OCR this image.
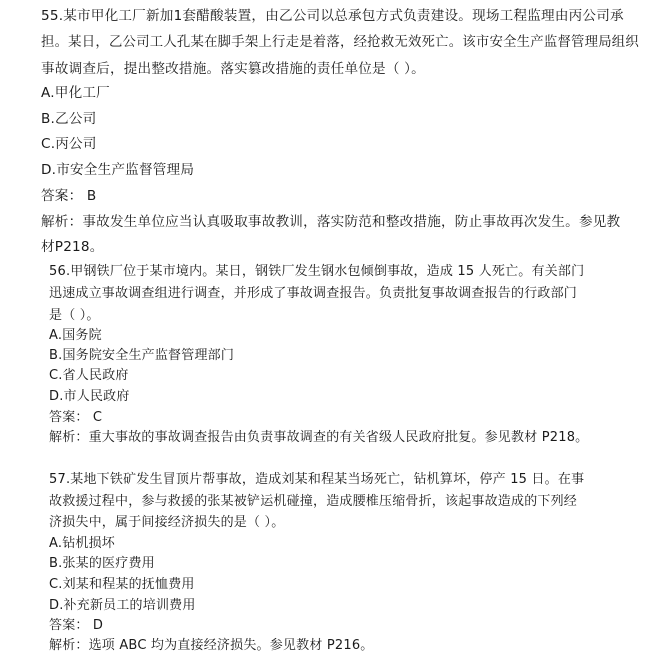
55.某市甲化工厂新加1套醋酸装置，由乙公司以总承包方式负责建设。现场工程监理由丙公司承
担。某日，乙公司工人孔某在脚手架上行走是着落，经抢救无效死亡。该市安全生产监督管理局组织
事故调查后，提出整改措施。落实篡改措施的责任单位是（ ）。
A.甲化工厂
B.乙公司
C.丙公司
D.市安全生产监督管理局
答案： B
解析：事故发生单位应当认真吸取事故教训，落实防范和整改措施，防止事故再次发生。参见教
材P218。
56.甲钢铁厂位于某市境内。某日，钢铁厂发生钢水包倾倒事故，造成 15 人死亡。有关部门
迅速成立事故调查组进行调查，并形成了事故调查报告。负责批复事故调查报告的行政部门
是（ ）。
A.国务院
B.国务院安全生产监督管理部门
C.省人民政府
D.市人民政府
答案： C
解析：重大事故的事故调查报告由负责事故调查的有关省级人民政府批复。参见教材 P218。
57.某地下铁矿发生冒顶片帮事故，造成刘某和程某当场死亡，钻机算坏，停产 15 日。在事
故救援过程中，参与救援的张某被铲运机碰撞，造成腰椎压缩骨折，该起事故造成的下列经
济损失中，属于间接经济损失的是（ ）。
A.钻机损坏
B.张某的医疗费用
C.刘某和程某的抚恤费用
D.补充新员工的培训费用
答案： D
解析：选项 ABC 均为直接经济损失。参见教材 P216。
